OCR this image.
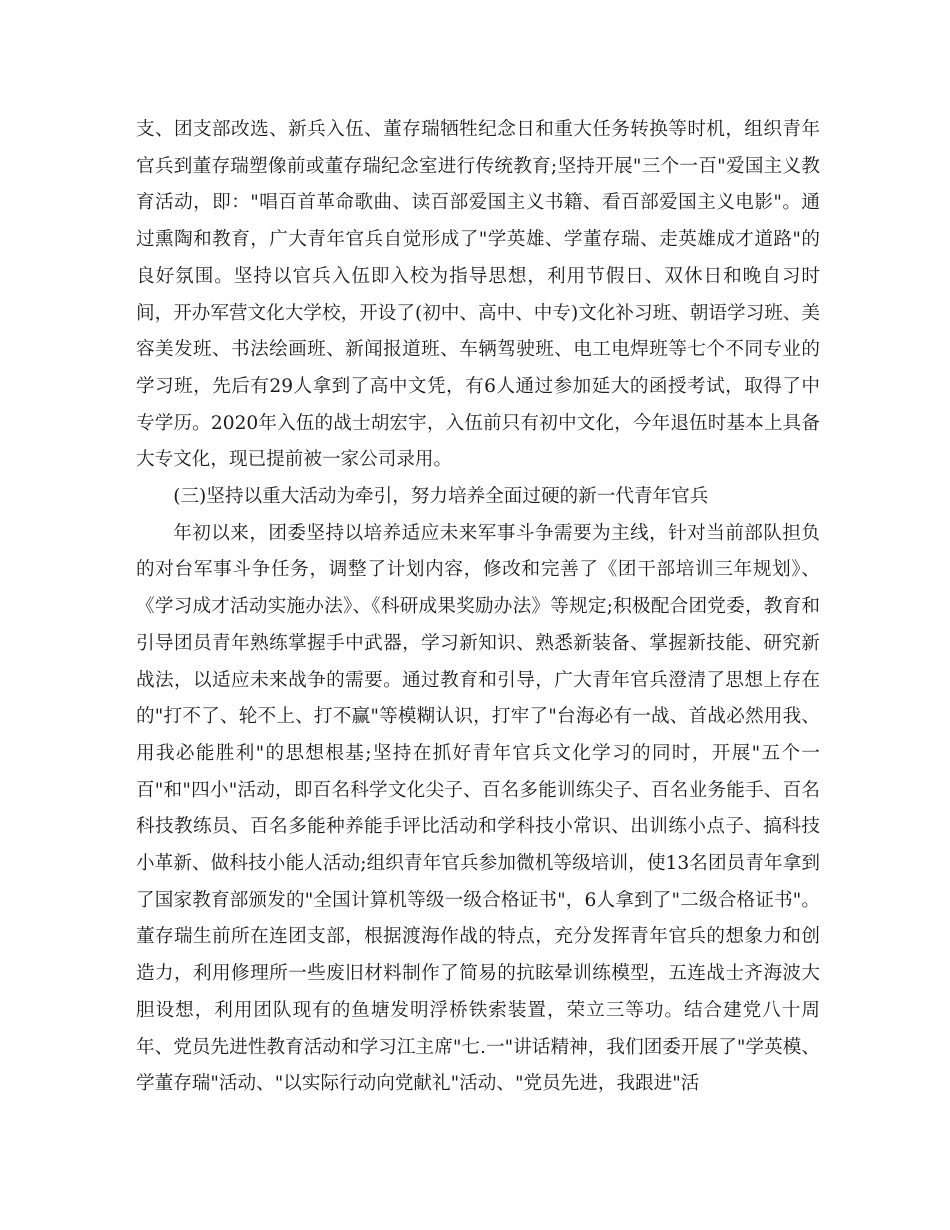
支、团支部改选、新兵入伍、董存瑞牺牲纪念日和重大任务转换等时机，组织青年官兵到董存瑞塑像前或董存瑞纪念室进行传统教育;坚持开展"三个一百"爱国主义教育活动，即："唱百首革命歌曲、读百部爱国主义书籍、看百部爱国主义电影"。通过熏陶和教育，广大青年官兵自觉形成了"学英雄、学董存瑞、走英雄成才道路"的良好氛围。坚持以官兵入伍即入校为指导思想，利用节假日、双休日和晚自习时间，开办军营文化大学校，开设了(初中、高中、中专)文化补习班、朝语学习班、美容美发班、书法绘画班、新闻报道班、车辆驾驶班、电工电焊班等七个不同专业的学习班，先后有29人拿到了高中文凭，有6人通过参加延大的函授考试，取得了中专学历。2020年入伍的战士胡宏宇，入伍前只有初中文化，今年退伍时基本上具备大专文化，现已提前被一家公司录用。

(三)坚持以重大活动为牵引，努力培养全面过硬的新一代青年官兵

年初以来，团委坚持以培养适应未来军事斗争需要为主线，针对当前部队担负的对台军事斗争任务，调整了计划内容，修改和完善了《团干部培训三年规划》、《学习成才活动实施办法》、《科研成果奖励办法》等规定;积极配合团党委，教育和引导团员青年熟练掌握手中武器，学习新知识、熟悉新装备、掌握新技能、研究新战法，以适应未来战争的需要。通过教育和引导，广大青年官兵澄清了思想上存在的"打不了、轮不上、打不赢"等模糊认识，打牢了"台海必有一战、首战必然用我、用我必能胜利"的思想根基;坚持在抓好青年官兵文化学习的同时，开展"五个一百"和"四小"活动，即百名科学文化尖子、百名多能训练尖子、百名业务能手、百名科技教练员、百名多能种养能手评比活动和学科技小常识、出训练小点子、搞科技小革新、做科技小能人活动;组织青年官兵参加微机等级培训，使13名团员青年拿到了国家教育部颁发的"全国计算机等级一级合格证书"，6人拿到了"二级合格证书"。董存瑞生前所在连团支部，根据渡海作战的特点，充分发挥青年官兵的想象力和创造力，利用修理所一些废旧材料制作了简易的抗眩晕训练模型，五连战士齐海波大胆设想，利用团队现有的鱼塘发明浮桥铁索装置，荣立三等功。结合建党八十周年、党员先进性教育活动和学习江主席"七.一"讲话精神，我们团委开展了"学英模、学董存瑞"活动、"以实际行动向党献礼"活动、"党员先进，我跟进"活
